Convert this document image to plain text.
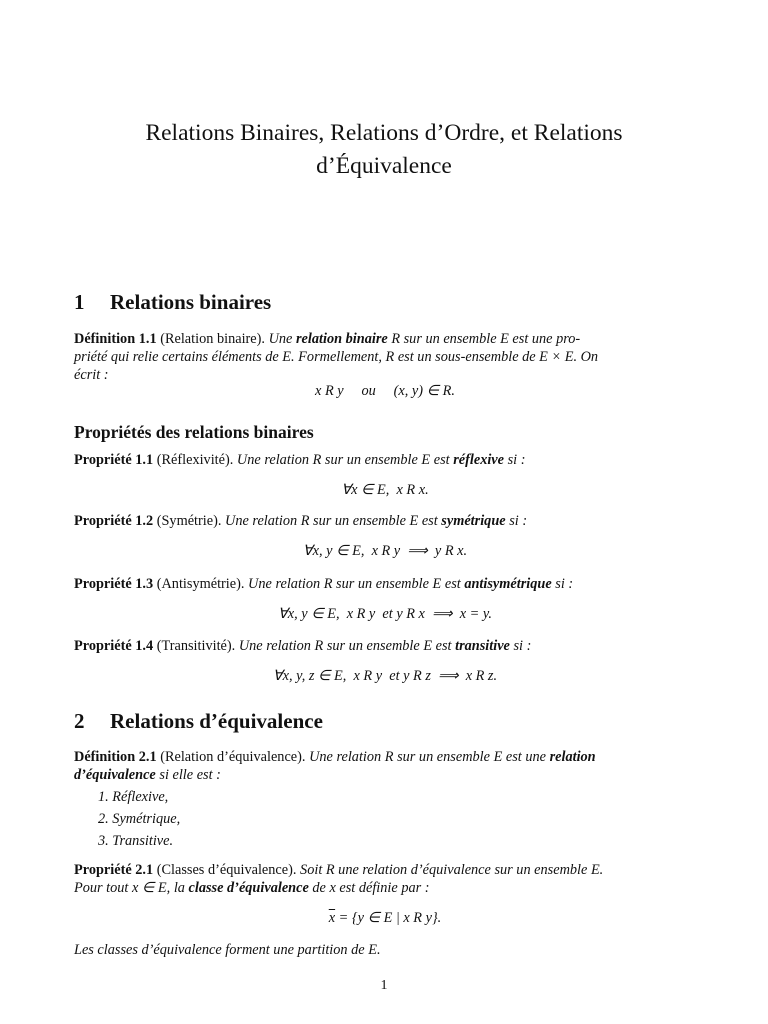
Relations Binaires, Relations d’Ordre, et Relations
d’Équivalence
1 Relations binaires

Définition 1.1 (Relation binaire). Une relation binaire R sur un ensemble E est une pro-
priété qui relie certains éléments de E. Formellement, R est un sous-ensemble de E × E. On
écrit :

x R y     ou     (x, y) ∈ R.

Propriétés des relations binaires

Propriété 1.1 (Réflexivité). Une relation R sur un ensemble E est réflexive si :

∀x ∈ E,  x R x.

Propriété 1.2 (Symétrie). Une relation R sur un ensemble E est symétrique si :

∀x, y ∈ E,  x R y  ⟹  y R x.

Propriété 1.3 (Antisymétrie). Une relation R sur un ensemble E est antisymétrique si :

∀x, y ∈ E,  x R y  et y R x  ⟹  x = y.

Propriété 1.4 (Transitivité). Une relation R sur un ensemble E est transitive si :

∀x, y, z ∈ E,  x R y  et y R z  ⟹  x R z.

2 Relations d’équivalence

Définition 2.1 (Relation d’équivalence). Une relation R sur un ensemble E est une relation
d’équivalence si elle est :

1. Réflexive,
2. Symétrique,
3. Transitive.

Propriété 2.1 (Classes d’équivalence). Soit R une relation d’équivalence sur un ensemble E.
Pour tout x ∈ E, la classe d’équivalence de x est définie par :

$\overline{x} = \{y$ ∈ E | x R y}.

Les classes d’équivalence forment une partition de E.

1
